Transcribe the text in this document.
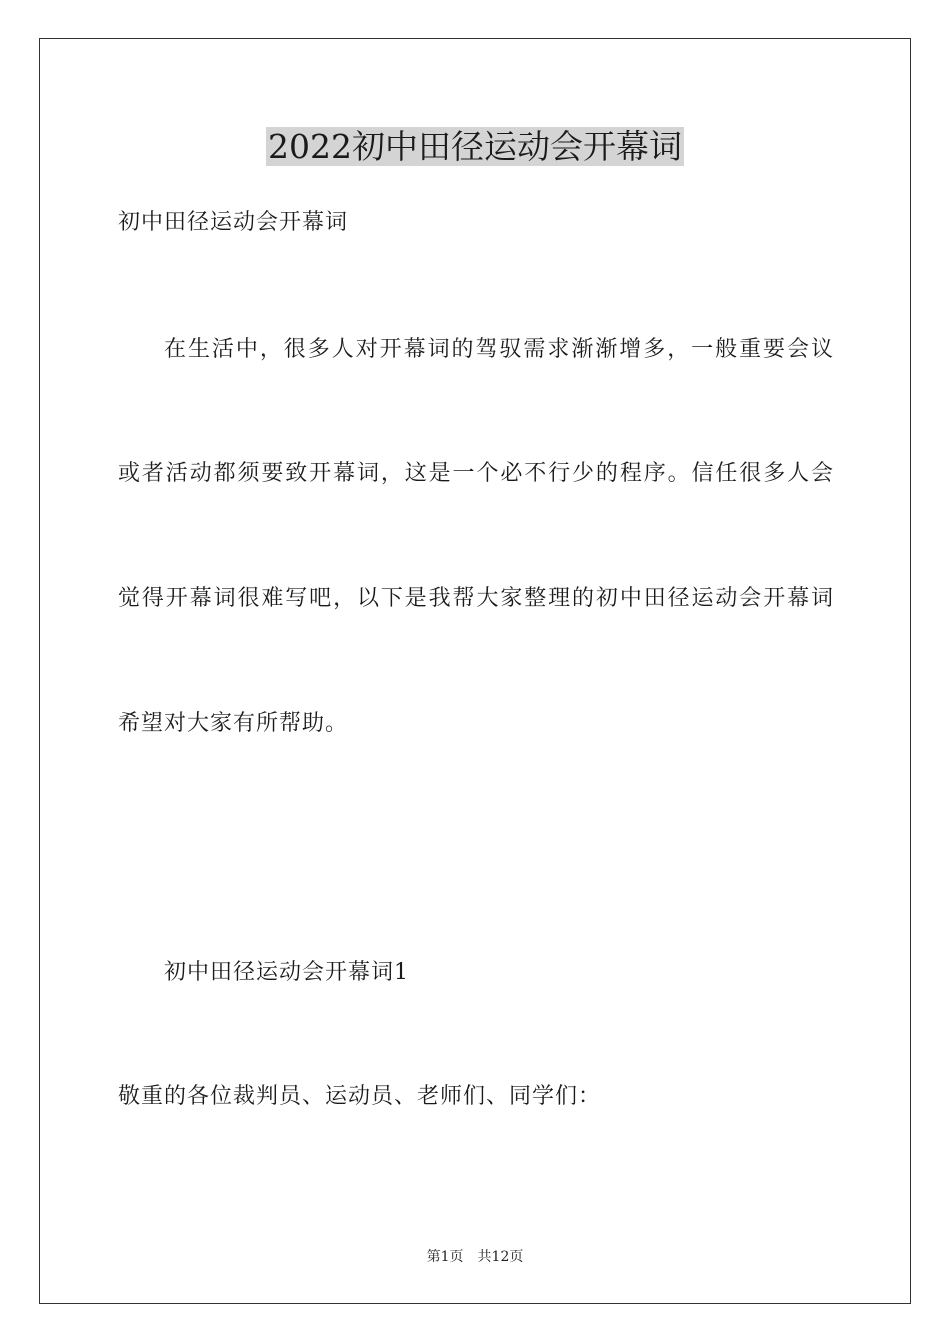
2022初中田径运动会开幕词

初中田径运动会开幕词

在生活中，很多人对开幕词的驾驭需求渐渐增多，一般重要会议

或者活动都须要致开幕词，这是一个必不行少的程序。信任很多人会

觉得开幕词很难写吧，以下是我帮大家整理的初中田径运动会开幕词

希望对大家有所帮助。

初中田径运动会开幕词1

敬重的各位裁判员、运动员、老师们、同学们：

第1页 共12页
